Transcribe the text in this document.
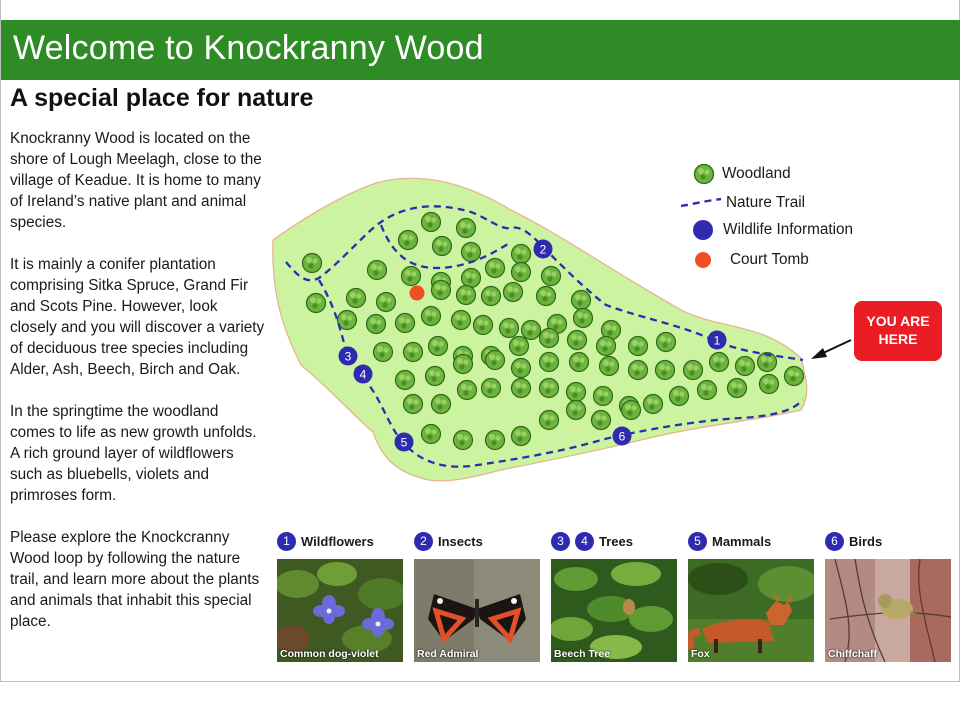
Welcome to Knockranny Wood
A special place for nature

Knockranny Wood is located on the shore of Lough Meelagh, close to the village of Keadue. It is home to many of Ireland’s native plant and animal species.

It is mainly a conifer plantation comprising Sitka Spruce, Grand Fir and Scots Pine. However, look closely and you will discover a variety of deciduous tree species including Alder, Ash, Beech, Birch and Oak.

In the springtime the woodland comes to life as new growth unfolds. A rich ground layer of wildflowers such as bluebells, violets and primroses form.

Please explore the Knockcranny Wood loop by following the nature trail, and learn more about the plants and animals that inhabit this special place.

1
2
3
4
5	6
Woodland
Nature Trail
Wildlife Information
Court Tomb
YOU ARE
HERE
1 Wildflowers
Common dog-violet
2 Insects
Red Admiral
3	4 Trees
Beech Tree
5 Mammals
Fox
6 Birds
Chiffchaff
